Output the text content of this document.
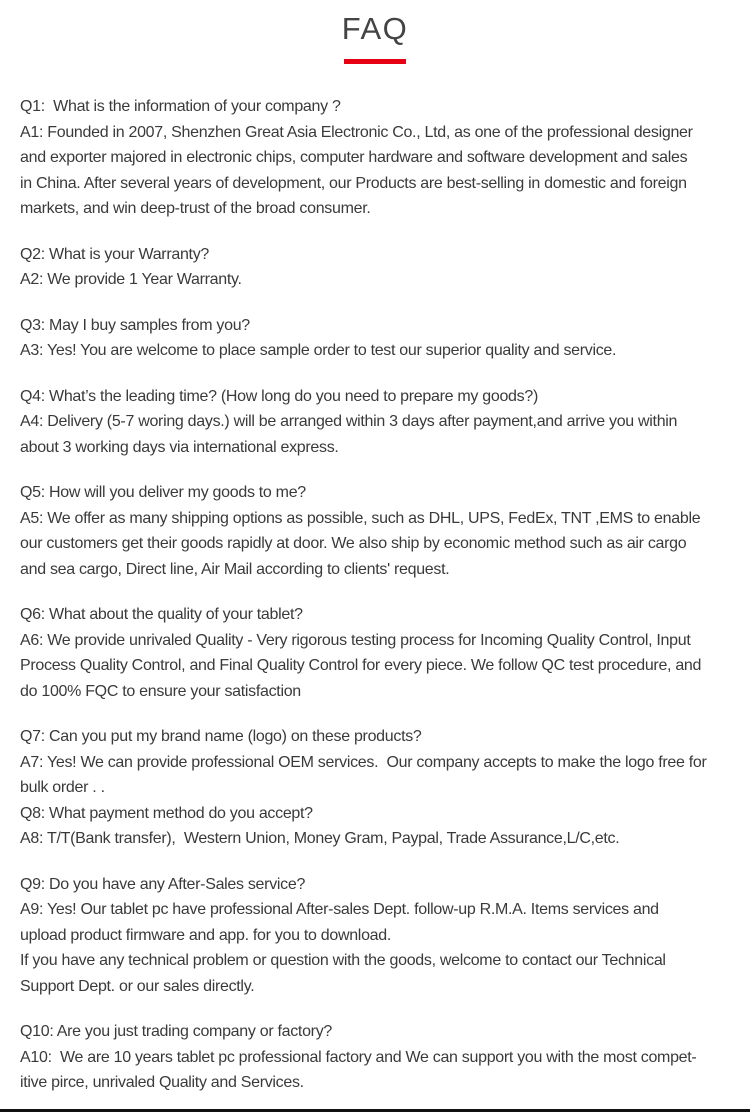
FAQ
Q1:  What is the information of your company ?
A1: Founded in 2007, Shenzhen Great Asia Electronic Co., Ltd, as one of the professional designer
and exporter majored in electronic chips, computer hardware and software development and sales
in China. After several years of development, our Products are best-selling in domestic and foreign
markets, and win deep-trust of the broad consumer.
Q2: What is your Warranty?
A2: We provide 1 Year Warranty.
Q3: May I buy samples from you?
A3: Yes! You are welcome to place sample order to test our superior quality and service.
Q4: What’s the leading time? (How long do you need to prepare my goods?)
A4: Delivery (5-7 woring days.) will be arranged within 3 days after payment,and arrive you within
about 3 working days via international express.
Q5: How will you deliver my goods to me?
A5: We offer as many shipping options as possible, such as DHL, UPS, FedEx, TNT ,EMS to enable
our customers get their goods rapidly at door. We also ship by economic method such as air cargo
and sea cargo, Direct line, Air Mail according to clients' request.
Q6: What about the quality of your tablet?
A6: We provide unrivaled Quality - Very rigorous testing process for Incoming Quality Control, Input
Process Quality Control, and Final Quality Control for every piece. We follow QC test procedure, and
do 100% FQC to ensure your satisfaction
Q7: Can you put my brand name (logo) on these products?
A7: Yes! We can provide professional OEM services.  Our company accepts to make the logo free for
bulk order . .
Q8: What payment method do you accept?
A8: T/T(Bank transfer),  Western Union, Money Gram, Paypal, Trade Assurance,L/C,etc.
Q9: Do you have any After-Sales service?
A9: Yes! Our tablet pc have professional After-sales Dept. follow-up R.M.A. Items services and
upload product firmware and app. for you to download.
If you have any technical problem or question with the goods, welcome to contact our Technical
Support Dept. or our sales directly.
Q10: Are you just trading company or factory?
A10:  We are 10 years tablet pc professional factory and We can support you with the most compet-
itive pirce, unrivaled Quality and Services.
